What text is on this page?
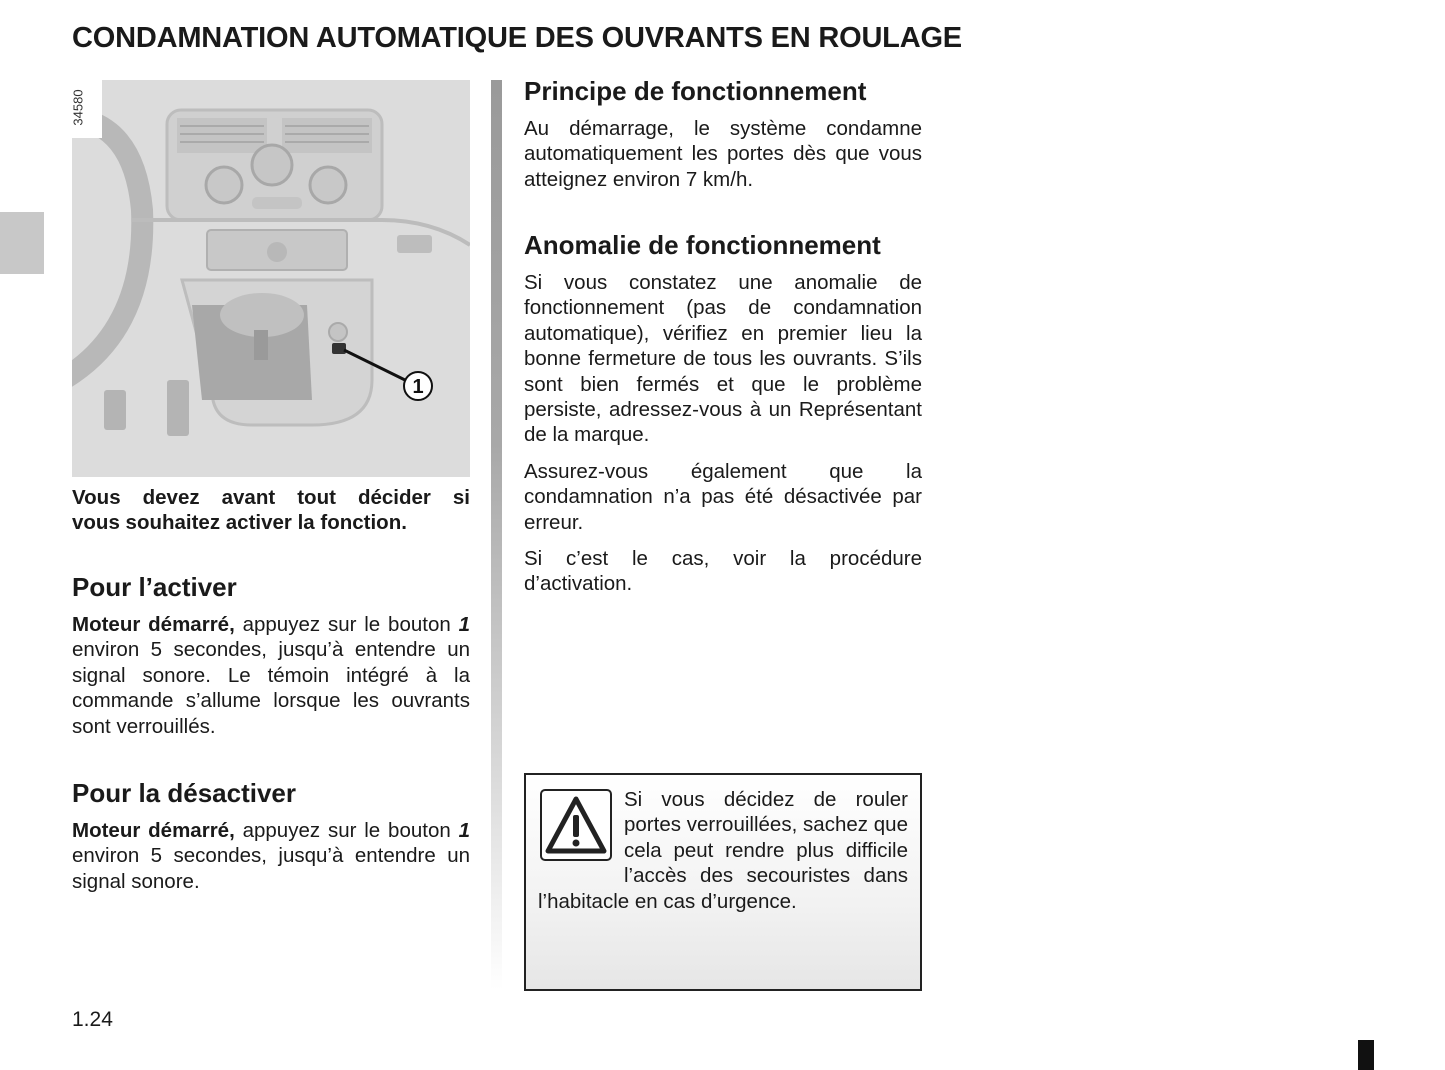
CONDAMNATION AUTOMATIQUE DES OUVRANTS EN ROULAGE
1
34580

Vous devez avant tout décider si

vous souhaitez activer la fonction.

Pour l’activer

Moteur démarré, appuyez sur le bouton 1 environ 5 secondes, jusqu’à entendre un signal sonore. Le témoin intégré à la commande s’allume lorsque les ouvrants sont verrouillés.

Pour la désactiver

Moteur démarré, appuyez sur le bouton 1 environ 5 secondes, jusqu’à entendre un signal sonore.

Principe de fonctionnement

Au démarrage, le système condamne automatiquement les portes dès que vous atteignez environ 7 km/h.

Anomalie de fonctionnement

Si vous constatez une anomalie de fonctionnement (pas de condamnation automatique), vérifiez en premier lieu la bonne fermeture de tous les ouvrants. S’ils sont bien fermés et que le problème persiste, adressez-vous à un Représentant de la marque.

Assurez-vous également que la condamnation n’a pas été désactivée par erreur.

Si c’est le cas, voir la procédure d’activation.

Si vous décidez de rouler portes verrouillées, sachez que cela peut rendre plus difficile l’accès des secouristes dans l’habitacle en cas d’urgence.

1.24
